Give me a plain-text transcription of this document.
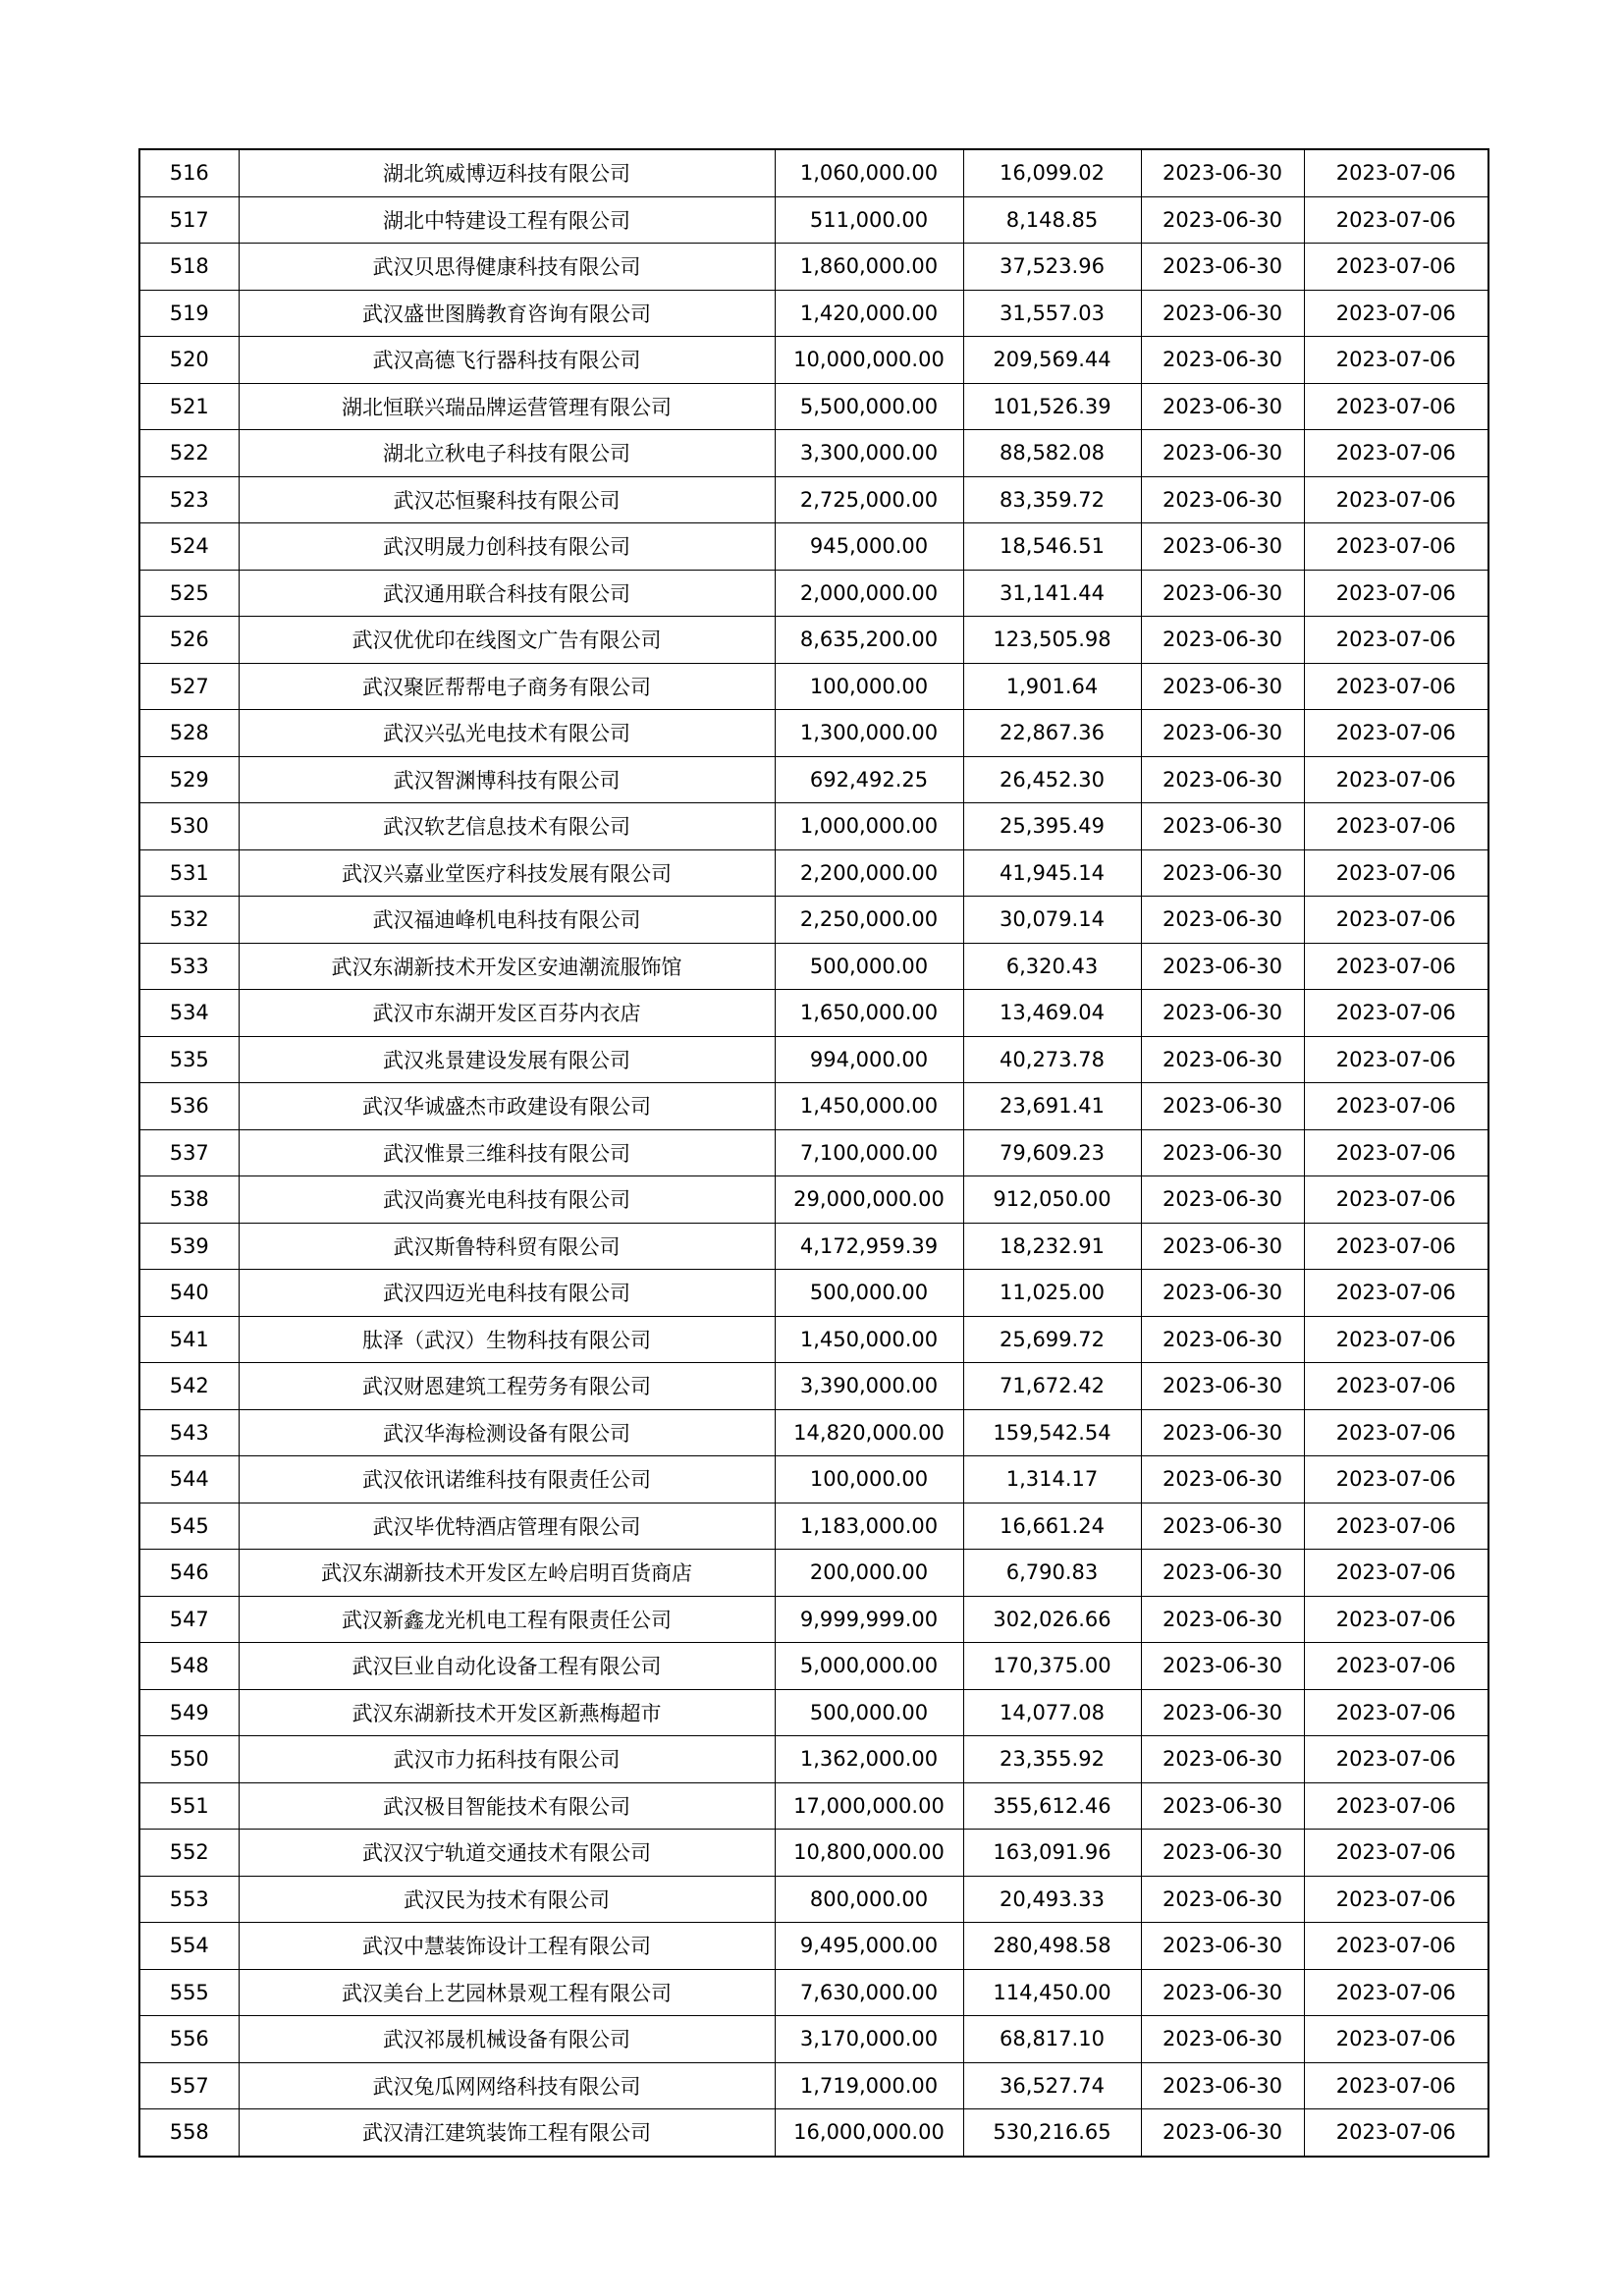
516	湖北筑威博迈科技有限公司	1,060,000.00	16,099.02	2023-06-30	2023-07-06
517	湖北中特建设工程有限公司	511,000.00	8,148.85	2023-06-30	2023-07-06
518	武汉贝思得健康科技有限公司	1,860,000.00	37,523.96	2023-06-30	2023-07-06
519	武汉盛世图腾教育咨询有限公司	1,420,000.00	31,557.03	2023-06-30	2023-07-06
520	武汉高德飞行器科技有限公司	10,000,000.00	209,569.44	2023-06-30	2023-07-06
521	湖北恒联兴瑞品牌运营管理有限公司	5,500,000.00	101,526.39	2023-06-30	2023-07-06
522	湖北立秋电子科技有限公司	3,300,000.00	88,582.08	2023-06-30	2023-07-06
523	武汉芯恒聚科技有限公司	2,725,000.00	83,359.72	2023-06-30	2023-07-06
524	武汉明晟力创科技有限公司	945,000.00	18,546.51	2023-06-30	2023-07-06
525	武汉通用联合科技有限公司	2,000,000.00	31,141.44	2023-06-30	2023-07-06
526	武汉优优印在线图文广告有限公司	8,635,200.00	123,505.98	2023-06-30	2023-07-06
527	武汉聚匠帮帮电子商务有限公司	100,000.00	1,901.64	2023-06-30	2023-07-06
528	武汉兴弘光电技术有限公司	1,300,000.00	22,867.36	2023-06-30	2023-07-06
529	武汉智渊博科技有限公司	692,492.25	26,452.30	2023-06-30	2023-07-06
530	武汉软艺信息技术有限公司	1,000,000.00	25,395.49	2023-06-30	2023-07-06
531	武汉兴嘉业堂医疗科技发展有限公司	2,200,000.00	41,945.14	2023-06-30	2023-07-06
532	武汉福迪峰机电科技有限公司	2,250,000.00	30,079.14	2023-06-30	2023-07-06
533	武汉东湖新技术开发区安迪潮流服饰馆	500,000.00	6,320.43	2023-06-30	2023-07-06
534	武汉市东湖开发区百芬内衣店	1,650,000.00	13,469.04	2023-06-30	2023-07-06
535	武汉兆景建设发展有限公司	994,000.00	40,273.78	2023-06-30	2023-07-06
536	武汉华诚盛杰市政建设有限公司	1,450,000.00	23,691.41	2023-06-30	2023-07-06
537	武汉惟景三维科技有限公司	7,100,000.00	79,609.23	2023-06-30	2023-07-06
538	武汉尚赛光电科技有限公司	29,000,000.00	912,050.00	2023-06-30	2023-07-06
539	武汉斯鲁特科贸有限公司	4,172,959.39	18,232.91	2023-06-30	2023-07-06
540	武汉四迈光电科技有限公司	500,000.00	11,025.00	2023-06-30	2023-07-06
541	肽泽（武汉）生物科技有限公司	1,450,000.00	25,699.72	2023-06-30	2023-07-06
542	武汉财恩建筑工程劳务有限公司	3,390,000.00	71,672.42	2023-06-30	2023-07-06
543	武汉华海检测设备有限公司	14,820,000.00	159,542.54	2023-06-30	2023-07-06
544	武汉依讯诺维科技有限责任公司	100,000.00	1,314.17	2023-06-30	2023-07-06
545	武汉毕优特酒店管理有限公司	1,183,000.00	16,661.24	2023-06-30	2023-07-06
546	武汉东湖新技术开发区左岭启明百货商店	200,000.00	6,790.83	2023-06-30	2023-07-06
547	武汉新鑫龙光机电工程有限责任公司	9,999,999.00	302,026.66	2023-06-30	2023-07-06
548	武汉巨业自动化设备工程有限公司	5,000,000.00	170,375.00	2023-06-30	2023-07-06
549	武汉东湖新技术开发区新燕梅超市	500,000.00	14,077.08	2023-06-30	2023-07-06
550	武汉市力拓科技有限公司	1,362,000.00	23,355.92	2023-06-30	2023-07-06
551	武汉极目智能技术有限公司	17,000,000.00	355,612.46	2023-06-30	2023-07-06
552	武汉汉宁轨道交通技术有限公司	10,800,000.00	163,091.96	2023-06-30	2023-07-06
553	武汉民为技术有限公司	800,000.00	20,493.33	2023-06-30	2023-07-06
554	武汉中慧装饰设计工程有限公司	9,495,000.00	280,498.58	2023-06-30	2023-07-06
555	武汉美台上艺园林景观工程有限公司	7,630,000.00	114,450.00	2023-06-30	2023-07-06
556	武汉祁晟机械设备有限公司	3,170,000.00	68,817.10	2023-06-30	2023-07-06
557	武汉兔瓜网网络科技有限公司	1,719,000.00	36,527.74	2023-06-30	2023-07-06
558	武汉清江建筑装饰工程有限公司	16,000,000.00	530,216.65	2023-06-30	2023-07-06
